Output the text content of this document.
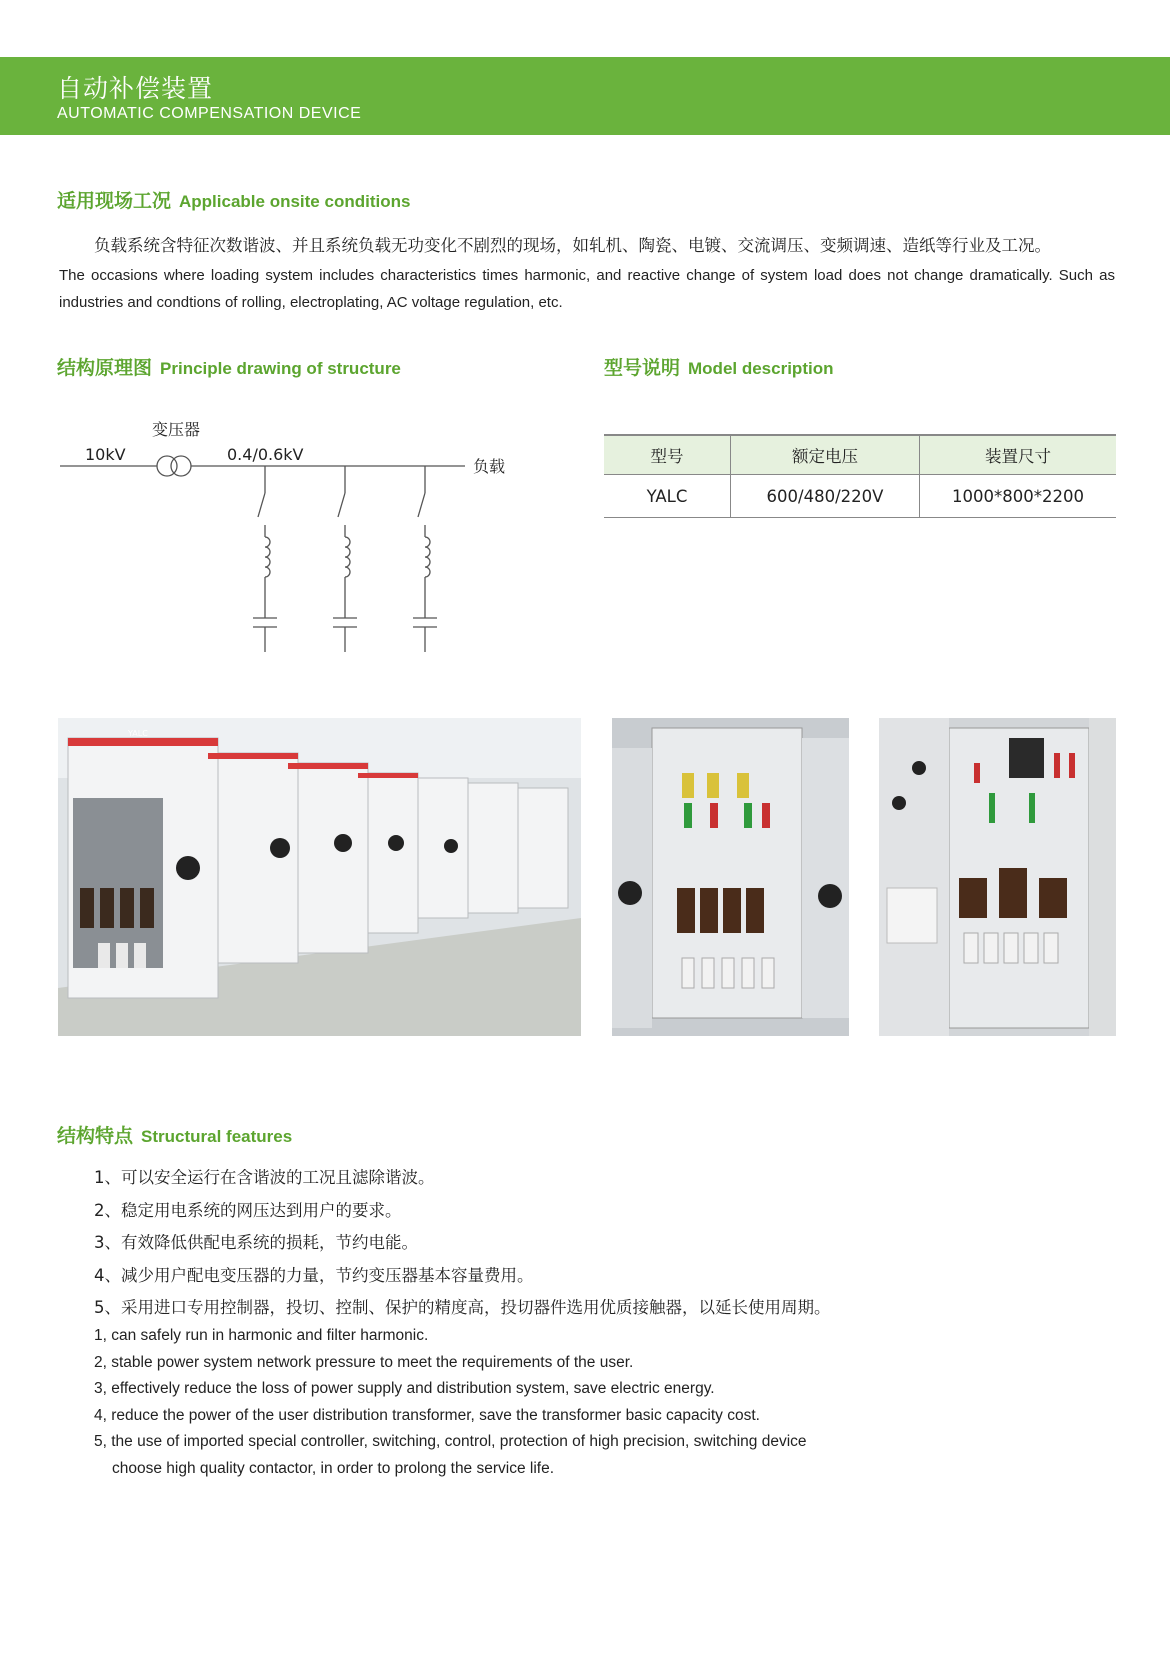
自动补偿装置
AUTOMATIC COMPENSATION DEVICE
适用现场工况 Applicable onsite conditions
负载系统含特征次数谐波、并且系统负载无功变化不剧烈的现场，如轧机、陶瓷、电镀、交流调压、变频调速、造纸等行业及工况。
The occasions where loading system includes characteristics times harmonic, and reactive change of system load does not change dramatically. Such as industries and condtions of rolling, electroplating, AC voltage regulation, etc.
结构原理图 Principle drawing of structure	型号说明 Model description
变压器
10kV	0.4/0.6kV
负载
型号	额定电压	装置尺寸
YALC	600/480/220V	1000*800*2200
YALC
结构特点 Structural features
1、可以安全运行在含谐波的工况且滤除谐波。
2、稳定用电系统的网压达到用户的要求。
3、有效降低供配电系统的损耗，节约电能。
4、减少用户配电变压器的力量，节约变压器基本容量费用。
5、采用进口专用控制器，投切、控制、保护的精度高，投切器件选用优质接触器，以延长使用周期。
1, can safely run in harmonic and filter harmonic.
2, stable power system network pressure to meet the requirements of the user.
3, effectively reduce the loss of power supply and distribution system, save electric energy.
4, reduce the power of the user distribution transformer, save the transformer basic capacity cost.
5, the use of imported special controller, switching, control, protection of high precision, switching device choose high quality contactor, in order to prolong the service life.
